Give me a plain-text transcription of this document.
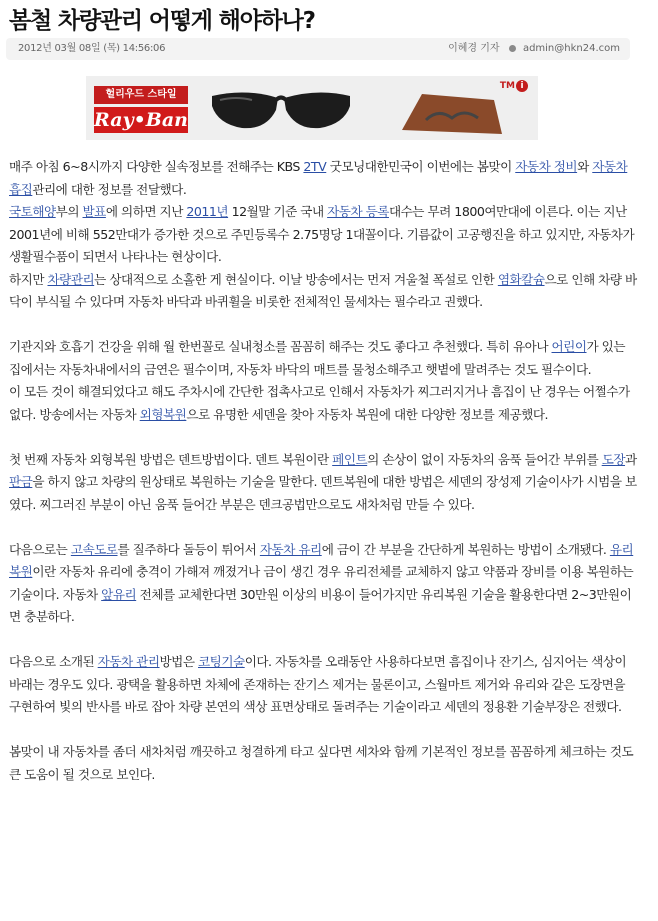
봄철 차량관리 어떻게 해야하나?
2012년 03월 08일 (목) 14:56:06	이혜경 기자 admin@hkn24.com
헐리우드 스타일
Ray•Ban
TM i

매주 아침 6~8시까지 다양한 실속정보를 전해주는 KBS 2TV 굿모닝대한민국이 이번에는 봄맞이 자동차 정비와 자동차 흡집관리에 대한 정보를 전달했다.

국토해양부의 발표에 의하면 지난 2011년 12월말 기준 국내 자동차 등록대수는 무려 1800여만대에 이른다. 이는 지난 2001년에 비해 552만대가 증가한 것으로 주민등록수 2.75명당 1대꼴이다. 기름값이 고공행진을 하고 있지만, 자동차가 생활필수품이 되면서 나타나는 현상이다.

하지만 차량관리는 상대적으로 소홀한 게 현실이다. 이날 방송에서는 먼저 겨울철 폭설로 인한 염화칼슘으로 인해 차량 바닥이 부식될 수 있다며 자동차 바닥과 바퀴휠을 비롯한 전체적인 물세차는 필수라고 권했다.

기관지와 호흡기 건강을 위해 월 한번꼴로 실내청소를 꼼꼼히 해주는 것도 좋다고 추천했다. 특히 유아나 어린이가 있는 집에서는 자동차내에서의 금연은 필수이며, 자동차 바닥의 매트를 물청소해주고 햇볕에 말려주는 것도 필수이다.

이 모든 것이 해결되었다고 해도 주차시에 간단한 접촉사고로 인해서 자동차가 찌그러지거나 흠집이 난 경우는 어쩔수가 없다. 방송에서는 자동차 외형복원으로 유명한 세덴을 찾아 자동차 복원에 대한 다양한 정보를 제공했다.

첫 번째 자동차 외형복원 방법은 덴트방법이다. 덴트 복원이란 페인트의 손상이 없이 자동차의 움푹 들어간 부위를 도장과 판금을 하지 않고 차량의 원상태로 복원하는 기술을 말한다. 덴트복원에 대한 방법은 세덴의 장성제 기술이사가 시범을 보였다. 찌그러진 부분이 아닌 움푹 들어간 부분은 덴크공법만으로도 새차처럼 만들 수 있다.

다음으로는 고속도로를 질주하다 돌등이 튀어서 자동차 유리에 금이 간 부분을 간단하게 복원하는 방법이 소개됐다. 유리복원이란 자동차 유리에 충격이 가해져 깨졌거나 금이 생긴 경우 유리전체를 교체하지 않고 약품과 장비를 이용 복원하는 기술이다. 자동차 앞유리 전체를 교체한다면 30만원 이상의 비용이 들어가지만 유리복원 기술을 활용한다면 2~3만원이면 충분하다.

다음으로 소개된 자동차 관리방법은 코팅기술이다. 자동차를 오래동안 사용하다보면 흠집이나 잔기스, 심지어는 색상이 바래는 경우도 있다. 광택을 활용하면 차체에 존재하는 잔기스 제거는 물론이고, 스월마트 제거와 유리와 같은 도장면을 구현하여 빛의 반사를 바로 잡아 차량 본연의 색상 표면상태로 돌려주는 기술이라고 세덴의 정용환 기술부장은 전했다.

봄맞이 내 자동차를 좀더 새차처럼 깨끗하고 청결하게 타고 싶다면 세차와 함께 기본적인 정보를 꼼꼼하게 체크하는 것도 큰 도움이 될 것으로 보인다.
